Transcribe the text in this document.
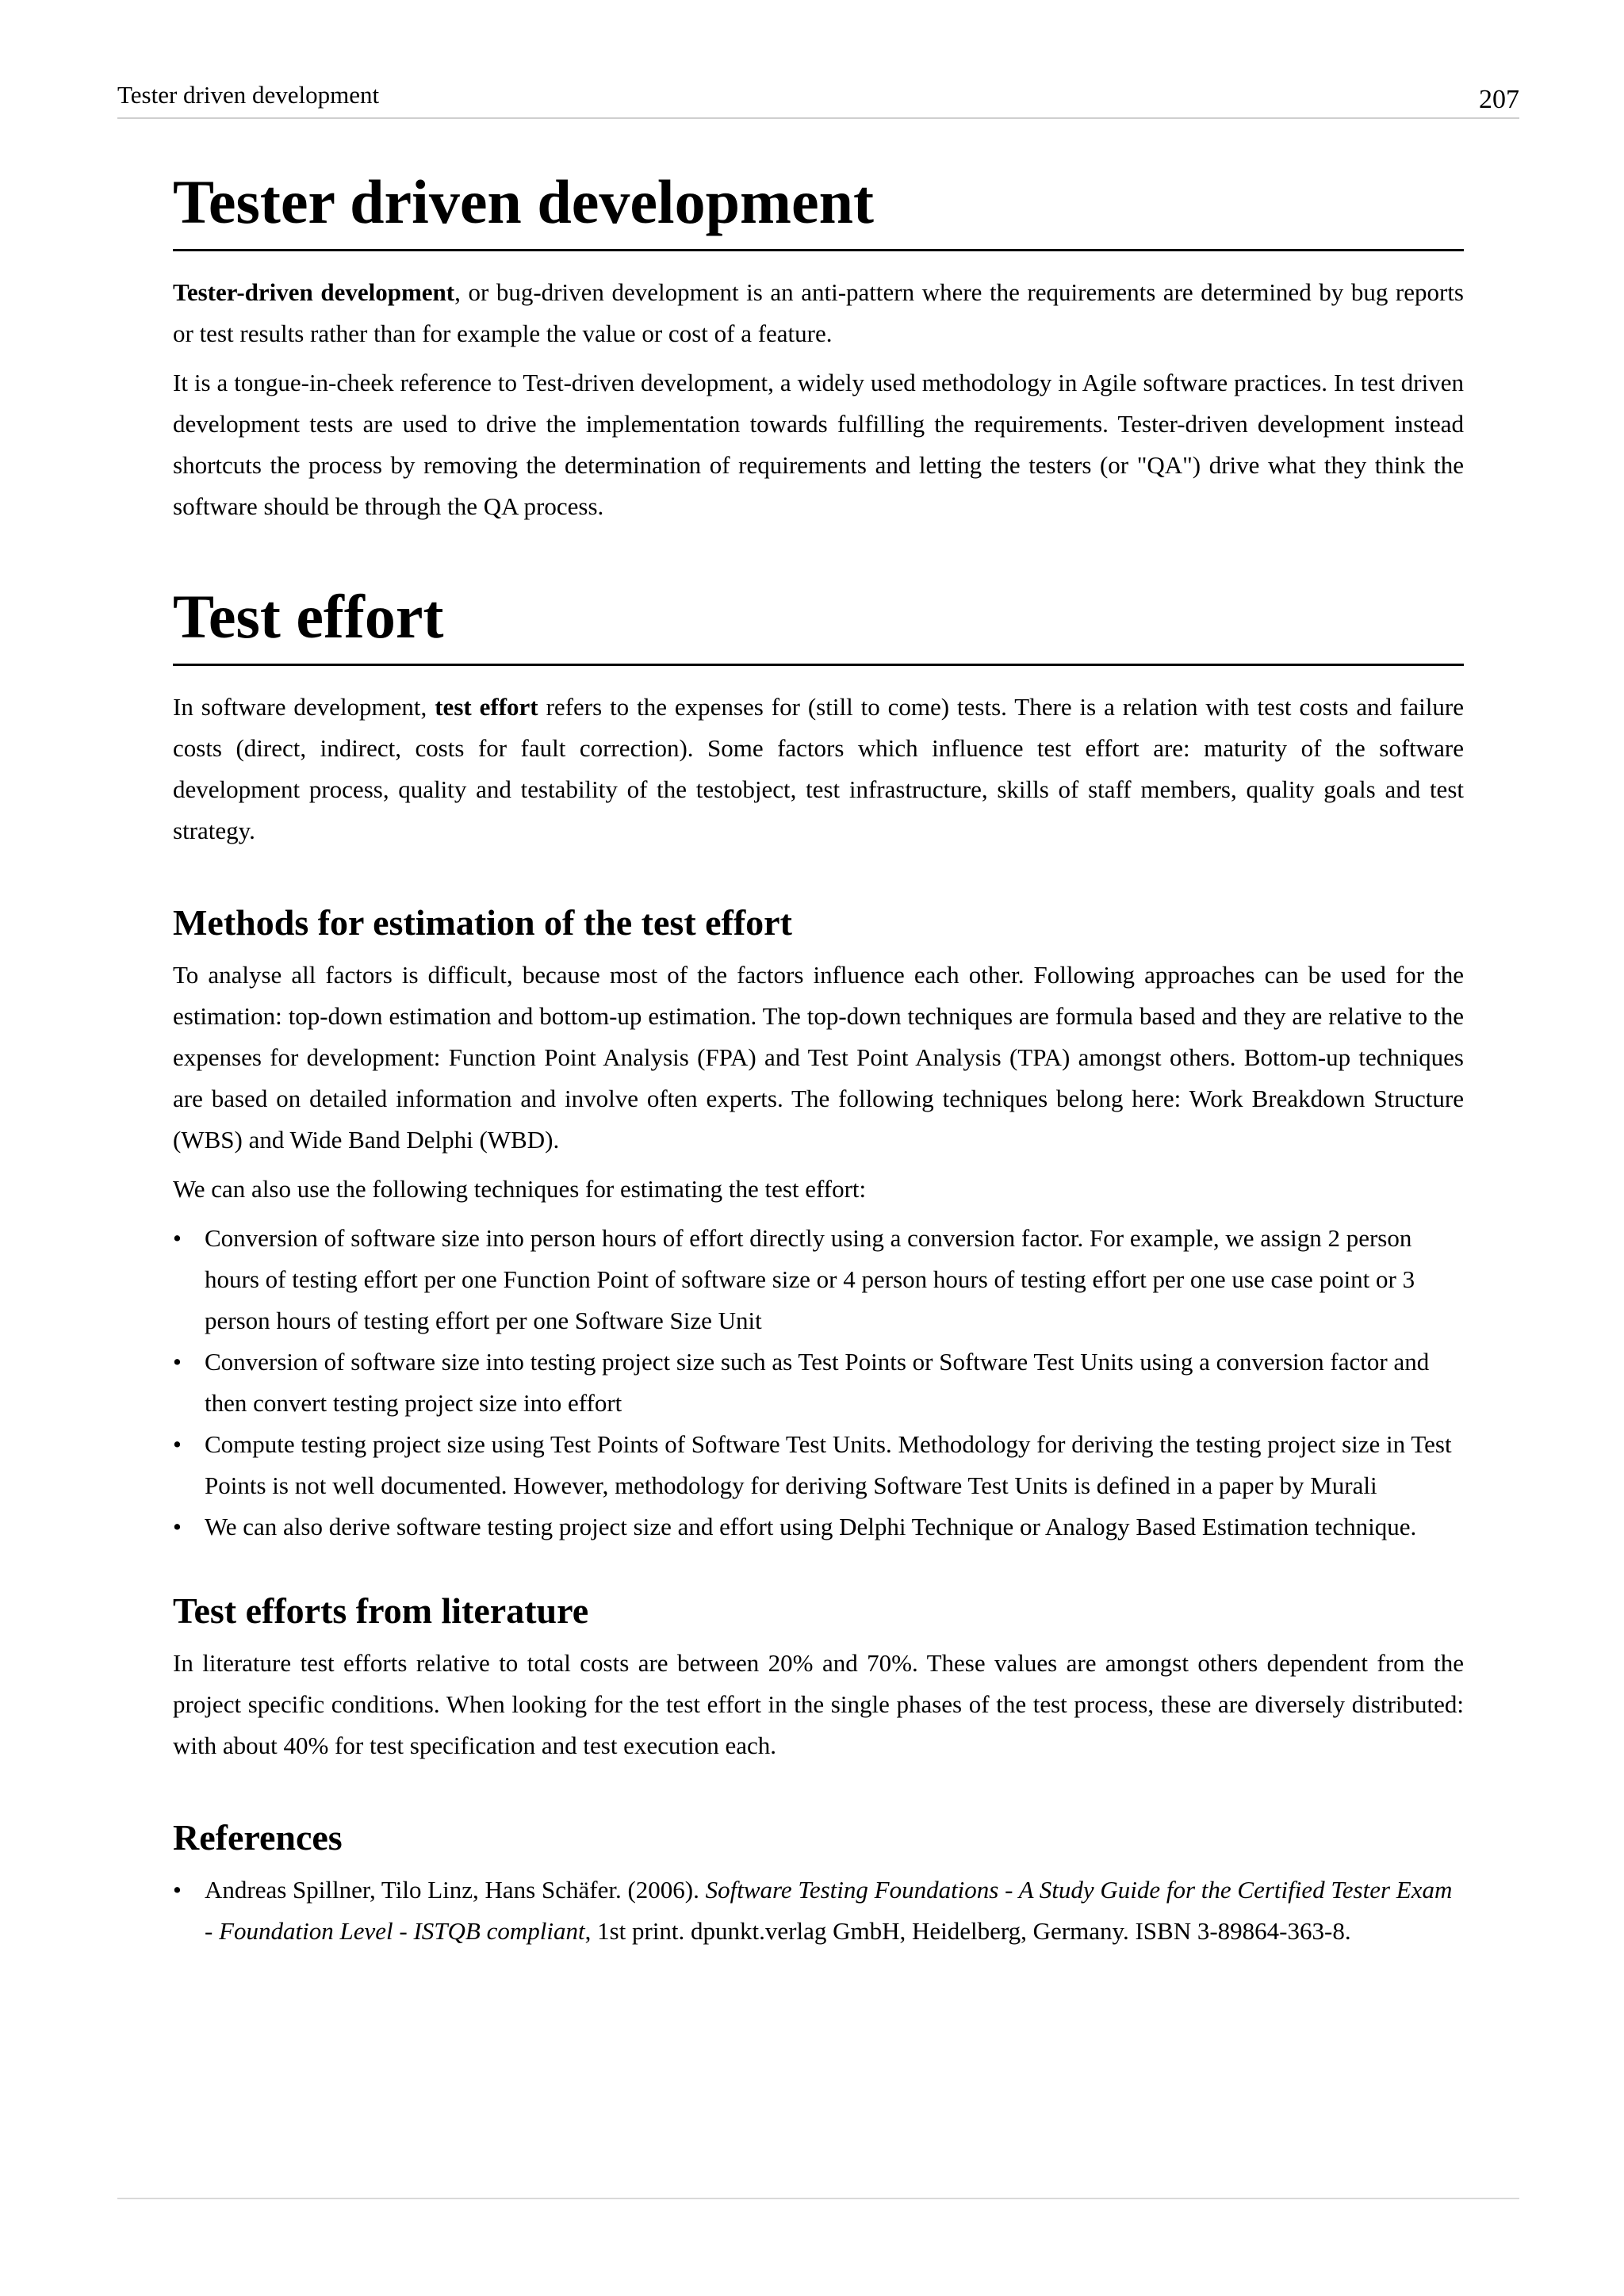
Tester driven development	207
Tester driven development

Tester-driven development, or bug-driven development is an anti-pattern where the requirements are determined by bug reports or test results rather than for example the value or cost of a feature.

It is a tongue-in-cheek reference to Test-driven development, a widely used methodology in Agile software practices. In test driven development tests are used to drive the implementation towards fulfilling the requirements. Tester-driven development instead shortcuts the process by removing the determination of requirements and letting the testers (or "QA") drive what they think the software should be through the QA process.

Test effort

In software development, test effort refers to the expenses for (still to come) tests. There is a relation with test costs and failure costs (direct, indirect, costs for fault correction). Some factors which influence test effort are: maturity of the software development process, quality and testability of the testobject, test infrastructure, skills of staff members, quality goals and test strategy.

Methods for estimation of the test effort

To analyse all factors is difficult, because most of the factors influence each other. Following approaches can be used for the estimation: top-down estimation and bottom-up estimation. The top-down techniques are formula based and they are relative to the expenses for development: Function Point Analysis (FPA) and Test Point Analysis (TPA) amongst others. Bottom-up techniques are based on detailed information and involve often experts. The following techniques belong here: Work Breakdown Structure (WBS) and Wide Band Delphi (WBD).

We can also use the following techniques for estimating the test effort:

• Conversion of software size into person hours of effort directly using a conversion factor. For example, we assign 2 person hours of testing effort per one Function Point of software size or 4 person hours of testing effort per one use case point or 3 person hours of testing effort per one Software Size Unit
• Conversion of software size into testing project size such as Test Points or Software Test Units using a conversion factor and then convert testing project size into effort
• Compute testing project size using Test Points of Software Test Units. Methodology for deriving the testing project size in Test Points is not well documented. However, methodology for deriving Software Test Units is defined in a paper by Murali
• We can also derive software testing project size and effort using Delphi Technique or Analogy Based Estimation technique.
Test efforts from literature

In literature test efforts relative to total costs are between 20% and 70%. These values are amongst others dependent from the project specific conditions. When looking for the test effort in the single phases of the test process, these are diversely distributed: with about 40% for test specification and test execution each.

References
• Andreas Spillner, Tilo Linz, Hans Schäfer. (2006). Software Testing Foundations - A Study Guide for the Certified Tester Exam - Foundation Level - ISTQB compliant, 1st print. dpunkt.verlag GmbH, Heidelberg, Germany. ISBN 3-89864-363-8.
